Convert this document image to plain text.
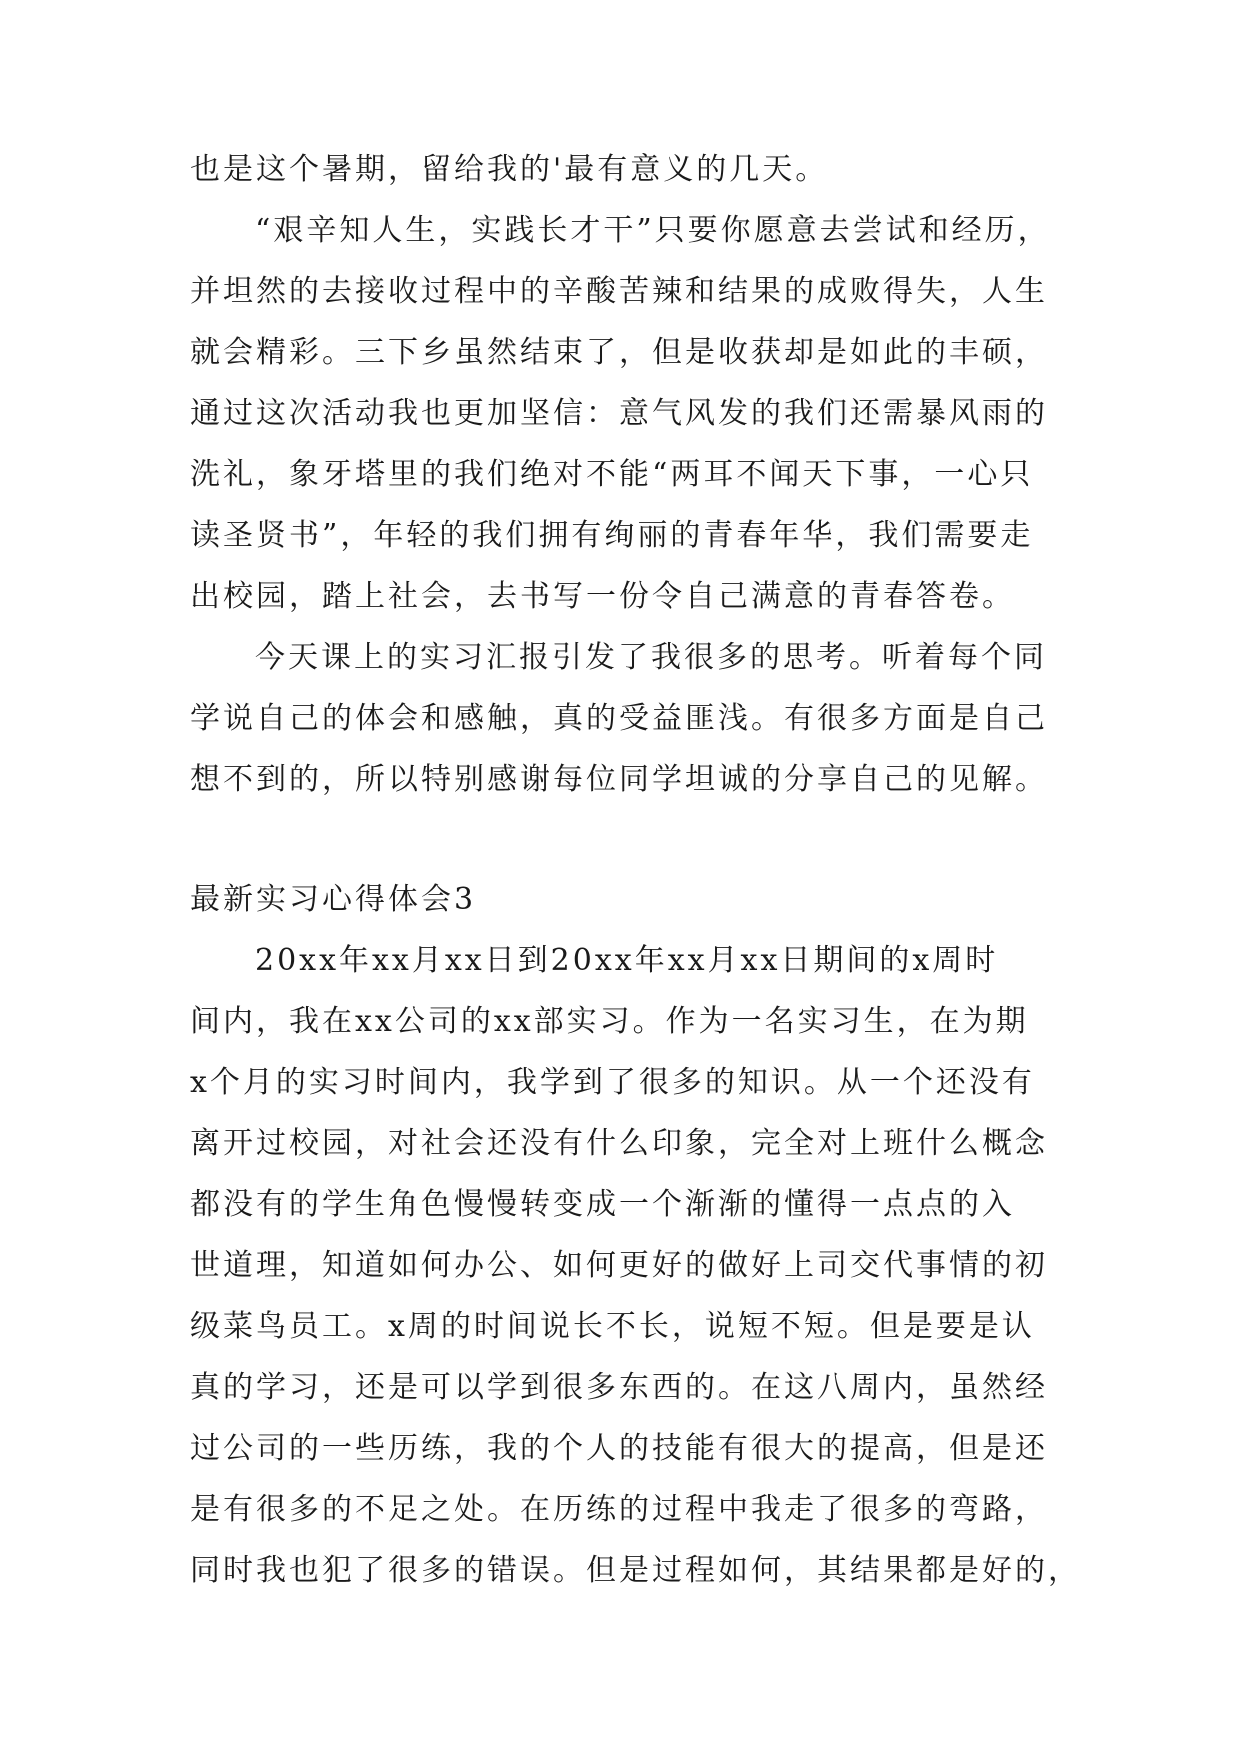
也是这个暑期，留给我的'最有意义的几天。
“艰辛知人生，实践长才干”只要你愿意去尝试和经历，
并坦然的去接收过程中的辛酸苦辣和结果的成败得失，人生
就会精彩。三下乡虽然结束了，但是收获却是如此的丰硕，
通过这次活动我也更加坚信：意气风发的我们还需暴风雨的
洗礼，象牙塔里的我们绝对不能“两耳不闻天下事，一心只
读圣贤书”，年轻的我们拥有绚丽的青春年华，我们需要走
出校园，踏上社会，去书写一份令自己满意的青春答卷。
今天课上的实习汇报引发了我很多的思考。听着每个同
学说自己的体会和感触，真的受益匪浅。有很多方面是自己
想不到的，所以特别感谢每位同学坦诚的分享自己的见解。
最新实习心得体会3
20xx年xx月xx日到20xx年xx月xx日期间的x周时
间内，我在xx公司的xx部实习。作为一名实习生，在为期
x个月的实习时间内，我学到了很多的知识。从一个还没有
离开过校园，对社会还没有什么印象，完全对上班什么概念
都没有的学生角色慢慢转变成一个渐渐的懂得一点点的入
世道理，知道如何办公、如何更好的做好上司交代事情的初
级菜鸟员工。x周的时间说长不长，说短不短。但是要是认
真的学习，还是可以学到很多东西的。在这八周内，虽然经
过公司的一些历练，我的个人的技能有很大的提高，但是还
是有很多的不足之处。在历练的过程中我走了很多的弯路，
同时我也犯了很多的错误。但是过程如何，其结果都是好的，
